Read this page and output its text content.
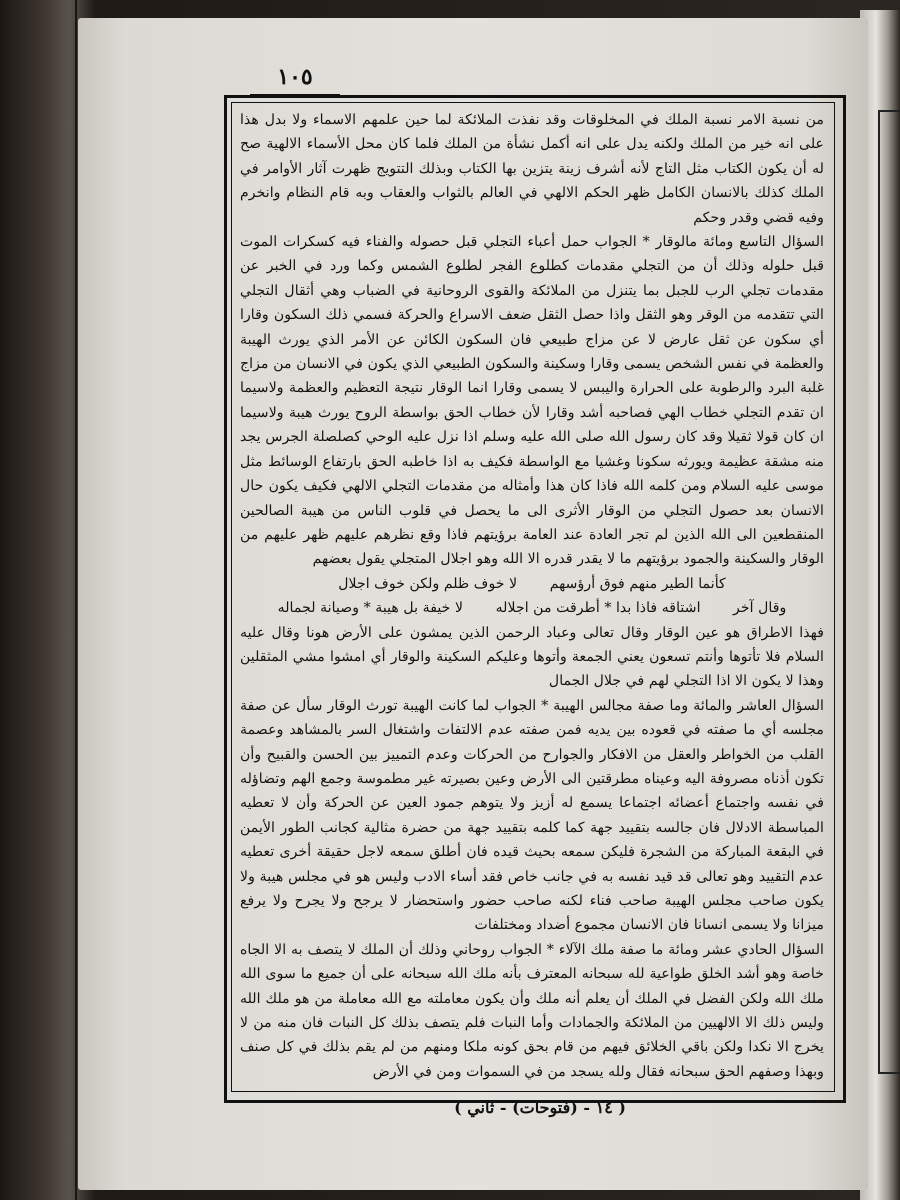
١٠٥

من نسبة الامر نسبة الملك في المخلوقات وقد نفذت الملائكة لما حين علمهم الاسماء ولا بدل هذا على انه خير من الملك ولكنه يدل على انه أكمل نشأة من الملك فلما كان محل الأسماء الالهية صح له أن يكون الكتاب مثل التاج لأنه أشرف زينة يتزين بها الكتاب وبذلك التتويج ظهرت آثار الأوامر في الملك كذلك بالانسان الكامل ظهر الحكم الالهي في العالم بالثواب والعقاب وبه قام النظام وانخرم وفيه قضي وقدر وحكم

السؤال التاسع ومائة مالوقار * الجواب حمل أعباء التجلي قبل حصوله والفناء فيه كسكرات الموت قبل حلوله وذلك أن من التجلي مقدمات كطلوع الفجر لطلوع الشمس وكما ورد في الخبر عن مقدمات تجلي الرب للجبل بما يتنزل من الملائكة والقوى الروحانية في الضباب وهي أثقال التجلي التي تتقدمه من الوقر وهو الثقل واذا حصل الثقل ضعف الاسراع والحركة فسمي ذلك السكون وقارا أي سكون عن ثقل عارض لا عن مزاج طبيعي فان السكون الكائن عن الأمر الذي يورث الهيبة والعظمة في نفس الشخص يسمى وقارا وسكينة والسكون الطبيعي الذي يكون في الانسان من مزاج غلبة البرد والرطوبة على الحرارة واليبس لا يسمى وقارا انما الوقار نتيجة التعظيم والعظمة ولاسيما ان تقدم التجلي خطاب الهي فصاحبه أشد وقارا لأن خطاب الحق بواسطة الروح يورث هيبة ولاسيما ان كان قولا ثقيلا وقد كان رسول الله صلى الله عليه وسلم اذا نزل عليه الوحي كصلصلة الجرس يجد منه مشقة عظيمة ويورثه سكونا وغشيا مع الواسطة فكيف به اذا خاطبه الحق بارتفاع الوسائط مثل موسى عليه السلام ومن كلمه الله فاذا كان هذا وأمثاله من مقدمات التجلي الالهي فكيف يكون حال الانسان بعد حصول التجلي من الوقار الأثرى الى ما يحصل في قلوب الناس من هيبة الصالحين المنقطعين الى الله الذين لم تجر العادة عند العامة برؤيتهم فاذا وقع نظرهم عليهم ظهر عليهم من الوقار والسكينة والجمود برؤيتهم ما لا يقدر قدره الا الله وهو اجلال المتجلي يقول بعضهم

كأنما الطير منهم فوق أرؤسهم لا خوف ظلم ولكن خوف اجلال

وقال آخر اشتاقه فاذا بدا * أطرقت من اجلاله لا خيفة بل هيبة * وصيانة لجماله

فهذا الاطراق هو عين الوقار وقال تعالى وعباد الرحمن الذين يمشون على الأرض هونا وقال عليه السلام فلا تأتوها وأنتم تسعون يعني الجمعة وأتوها وعليكم السكينة والوقار أي امشوا مشي المثقلين وهذا لا يكون الا اذا التجلي لهم في جلال الجمال

السؤال العاشر والمائة وما صفة مجالس الهيبة * الجواب لما كانت الهيبة تورث الوقار سأل عن صفة مجلسه أي ما صفته في قعوده بين يديه فمن صفته عدم الالتفات واشتغال السر بالمشاهد وعصمة القلب من الخواطر والعقل من الافكار والجوارح من الحركات وعدم التمييز بين الحسن والقبيح وأن تكون أذناه مصروفة اليه وعيناه مطرقتين الى الأرض وعين بصيرته غير مطموسة وجمع الهم وتضاؤله في نفسه واجتماع أعضائه اجتماعا يسمع له أزيز ولا يتوهم جمود العين عن الحركة وأن لا تعطيه المباسطة الادلال فان جالسه بتقييد جهة كما كلمه بتقييد جهة من حضرة مثالية كجانب الطور الأيمن في البقعة المباركة من الشجرة فليكن سمعه بحيث قيده فان أطلق سمعه لاجل حقيقة أخرى تعطيه عدم التقييد وهو تعالى قد قيد نفسه به في جانب خاص فقد أساء الادب وليس هو في مجلس هيبة ولا يكون صاحب مجلس الهيبة صاحب فناء لكنه صاحب حضور واستحضار لا يرجح ولا يجرح ولا يرفع ميزانا ولا يسمى انسانا فان الانسان مجموع أضداد ومختلفات

السؤال الحادي عشر ومائة ما صفة ملك الآلاء * الجواب روحاني وذلك أن الملك لا يتصف به الا الجاه خاصة وهو أشد الخلق طواعية لله سبحانه المعترف بأنه ملك الله سبحانه على أن جميع ما سوى الله ملك الله ولكن الفضل في الملك أن يعلم أنه ملك وأن يكون معاملته مع الله معاملة من هو ملك الله وليس ذلك الا الالهيين من الملائكة والجمادات وأما النبات فلم يتصف بذلك كل النبات فان منه من لا يخرج الا نكدا ولكن باقي الخلائق فيهم من قام بحق كونه ملكا ومنهم من لم يقم بذلك في كل صنف وبهذا وصفهم الحق سبحانه فقال ولله يسجد من في السموات ومن في الأرض

( ١٤ - (فتوحات) - ثاني )
